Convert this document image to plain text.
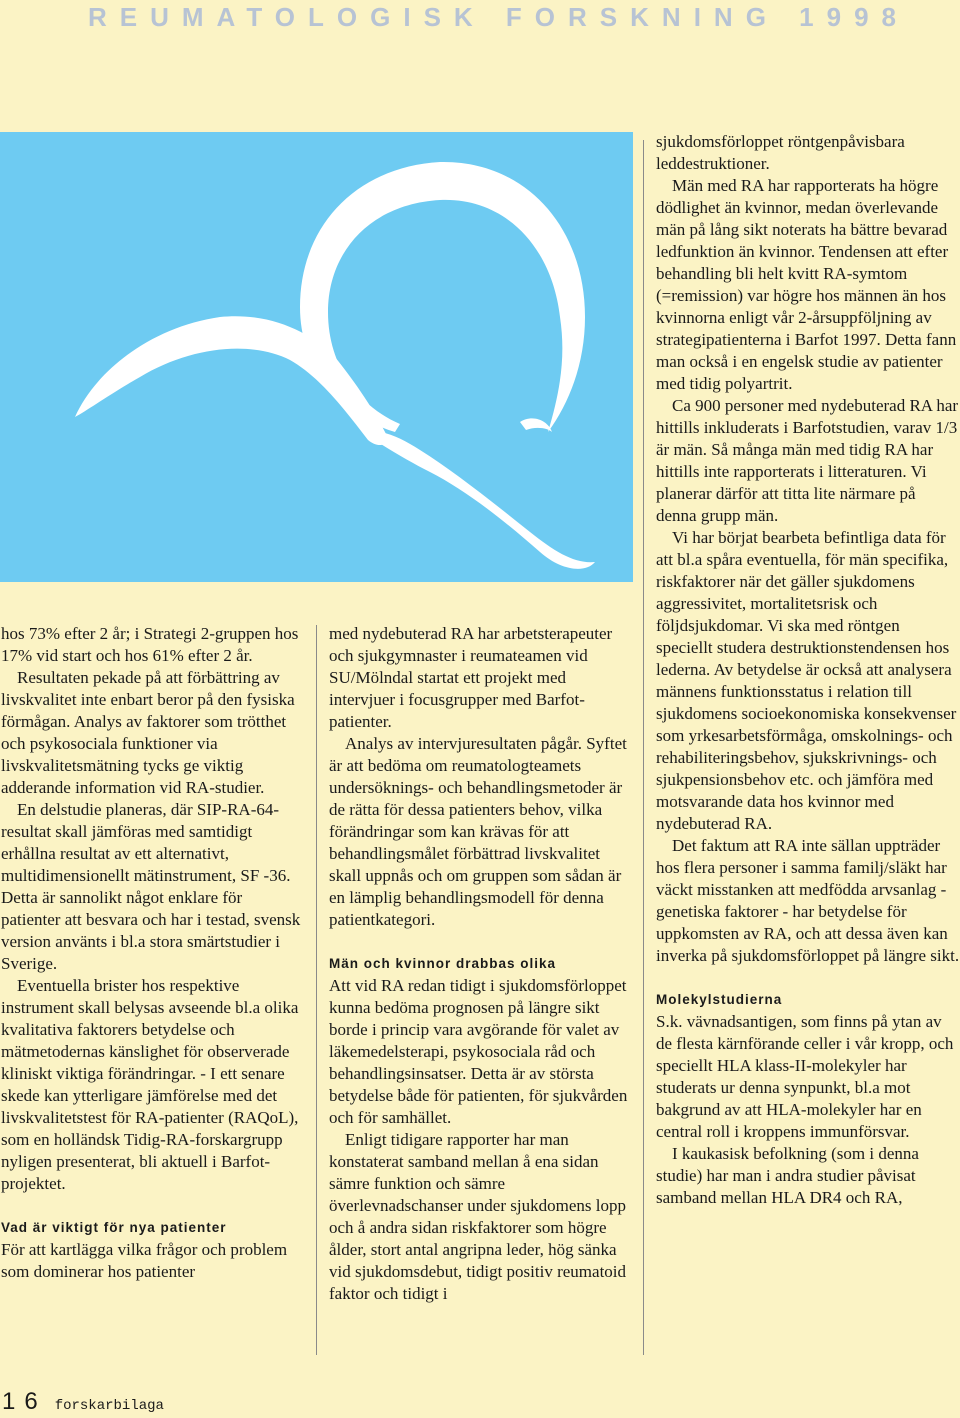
REUMATOLOGISK FORSKNING 1998

hos 73% efter 2 år; i Strategi 2-gruppen hos 17% vid start och hos 61% efter 2 år.

Resultaten pekade på att förbättring av livskvalitet inte enbart beror på den fysiska förmågan. Analys av faktorer som trötthet och psykosociala funktioner via livskvalitetsmätning tycks ge viktig adderande information vid RA-studier.

En delstudie planeras, där SIP-RA-64-resultat skall jämföras med samtidigt erhållna resultat av ett alternativt, multidimensionellt mätinstrument, SF -36. Detta är sannolikt något enklare för patienter att besvara och har i testad, svensk version använts i bl.a stora smärtstudier i Sverige.

Eventuella brister hos respektive instrument skall belysas avseende bl.a olika kvalitativa faktorers betydelse och mätmetodernas känslighet för observerade kliniskt viktiga förändringar. - I ett senare skede kan ytterligare jämförelse med det livskvalitetstest för RA-patienter (RAQoL), som en holländsk Tidig-RA-forskargrupp nyligen presenterat, bli aktuell i Barfot-projektet.

Vad är viktigt för nya patienter

För att kartlägga vilka frågor och problem som dominerar hos patienter

med nydebuterad RA har arbetsterapeuter och sjukgymnaster i reumateamen vid SU/Mölndal startat ett projekt med intervjuer i focusgrupper med Barfot-patienter.

Analys av intervjuresultaten pågår. Syftet är att bedöma om reumatologteamets undersöknings- och behandlingsmetoder är de rätta för dessa patienters behov, vilka förändringar som kan krävas för att behandlingsmålet förbättrad livskvalitet skall uppnås och om gruppen som sådan är en lämplig behandlingsmodell för denna patientkategori.

Män och kvinnor drabbas olika

Att vid RA redan tidigt i sjukdomsförloppet kunna bedöma prognosen på längre sikt borde i princip vara avgörande för valet av läkemedelsterapi, psykosociala råd och behandlingsinsatser. Detta är av största betydelse både för patienten, för sjukvården och för samhället.

Enligt tidigare rapporter har man konstaterat samband mellan å ena sidan sämre funktion och sämre överlevnadschanser under sjukdomens lopp och å andra sidan riskfaktorer som högre ålder, stort antal angripna leder, hög sänka vid sjukdomsdebut, tidigt positiv reumatoid faktor och tidigt i

sjukdomsförloppet röntgenpåvisbara leddestruktioner.

Män med RA har rapporterats ha högre dödlighet än kvinnor, medan överlevande män på lång sikt noterats ha bättre bevarad ledfunktion än kvinnor. Tendensen att efter behandling bli helt kvitt RA-symtom (=remission) var högre hos männen än hos kvinnorna enligt vår 2-årsuppföljning av strategipatienterna i Barfot 1997. Detta fann man också i en engelsk studie av patienter med tidig polyartrit.

Ca 900 personer med nydebuterad RA har hittills inkluderats i Barfotstudien, varav 1/3 är män. Så många män med tidig RA har hittills inte rapporterats i litteraturen. Vi planerar därför att titta lite närmare på denna grupp män.

Vi har börjat bearbeta befintliga data för att bl.a spåra eventuella, för män specifika, riskfaktorer när det gäller sjukdomens aggressivitet, mortalitetsrisk och följdsjukdomar. Vi ska med röntgen speciellt studera destruktionstendensen hos lederna. Av betydelse är också att analysera männens funktionsstatus i relation till sjukdomens socioekonomiska konsekvenser som yrkesarbetsförmåga, omskolnings- och rehabiliteringsbehov, sjukskrivnings- och sjukpensionsbehov etc. och jämföra med motsvarande data hos kvinnor med nydebuterad RA.

Det faktum att RA inte sällan uppträder hos flera personer i samma familj/släkt har väckt misstanken att medfödda arvsanlag - genetiska faktorer - har betydelse för uppkomsten av RA, och att dessa även kan inverka på sjukdomsförloppet på längre sikt.

Molekylstudierna

S.k. vävnadsantigen, som finns på ytan av de flesta kärnförande celler i vår kropp, och speciellt HLA klass-II-molekyler har studerats ur denna synpunkt, bl.a mot bakgrund av att HLA-molekyler har en central roll i kroppens immunförsvar.

I kaukasisk befolkning (som i denna studie) har man i andra studier påvisat samband mellan HLA DR4 och RA,

16 forskarbilaga
